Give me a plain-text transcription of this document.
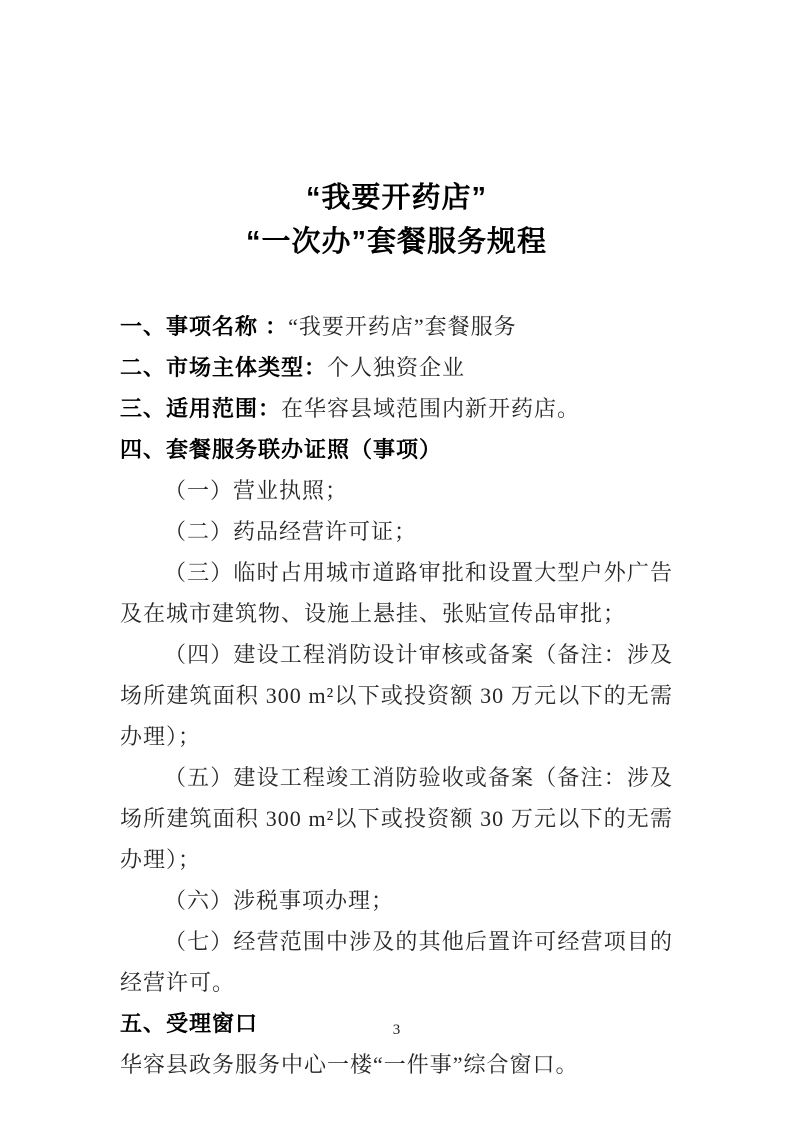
“我要开药店”
“一次办”套餐服务规程

一、事项名称 ：“我要开药店”套餐服务

二、市场主体类型：个人独资企业

三、适用范围：在华容县域范围内新开药店。

四、套餐服务联办证照（事项）

（一）营业执照；

（二）药品经营许可证；

（三）临时占用城市道路审批和设置大型户外广告及在城市建筑物、设施上悬挂、张贴宣传品审批；

（四）建设工程消防设计审核或备案（备注：涉及场所建筑面积 300 m²以下或投资额 30 万元以下的无需办理）；

（五）建设工程竣工消防验收或备案（备注：涉及场所建筑面积 300 m²以下或投资额 30 万元以下的无需办理）；

（六）涉税事项办理；

（七）经营范围中涉及的其他后置许可经营项目的经营许可。

五、受理窗口

华容县政务服务中心一楼“一件事”综合窗口。

3
